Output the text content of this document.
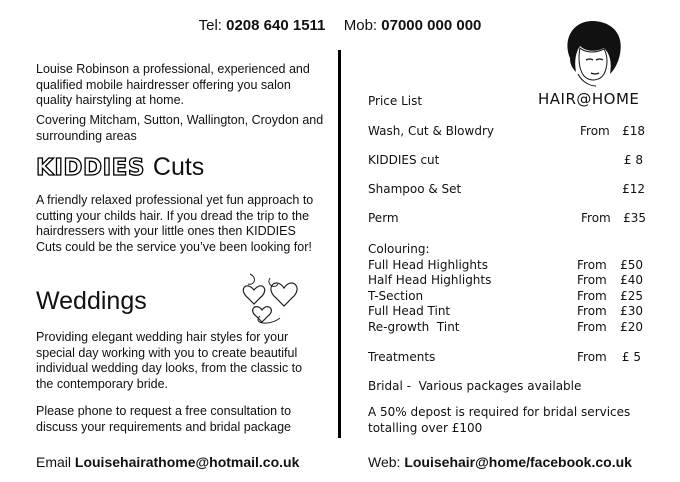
Tel: 0208 640 1511 Mob: 07000 000 000
Louise Robinson a professional, experienced and qualified mobile hairdresser offering you salon quality hairstyling at home.
Covering Mitcham, Sutton, Wallington, Croydon and surrounding areas
KIDDIES Cuts
A friendly relaxed professional yet fun approach to cutting your childs hair. If you dread the trip to the hairdressers with your little ones then KIDDIES Cuts could be the service you’ve been looking for!
Weddings
Providing elegant wedding hair styles for your special day working with you to create beautiful individual wedding day looks, from the classic to the contemporary bride.
Please phone to request a free consultation to discuss your requirements and bridal package
HAIR@HOME
Price List
Wash, Cut & Blowdry	From £18
KIDDIES cut	£ 8
Shampoo & Set	£12
Perm	From £35
Colouring:
Full Head Highlights	From £50
Half Head Highlights	From £40
T-Section	From £25
Full Head Tint	From £30
Re-growth  Tint	From £20
Treatments	From £ 5
Bridal -  Various packages available
A 50% depost is required for bridal services totalling over £100
Email Louisehairathome@hotmail.co.uk	Web: Louisehair@home/facebook.co.uk
